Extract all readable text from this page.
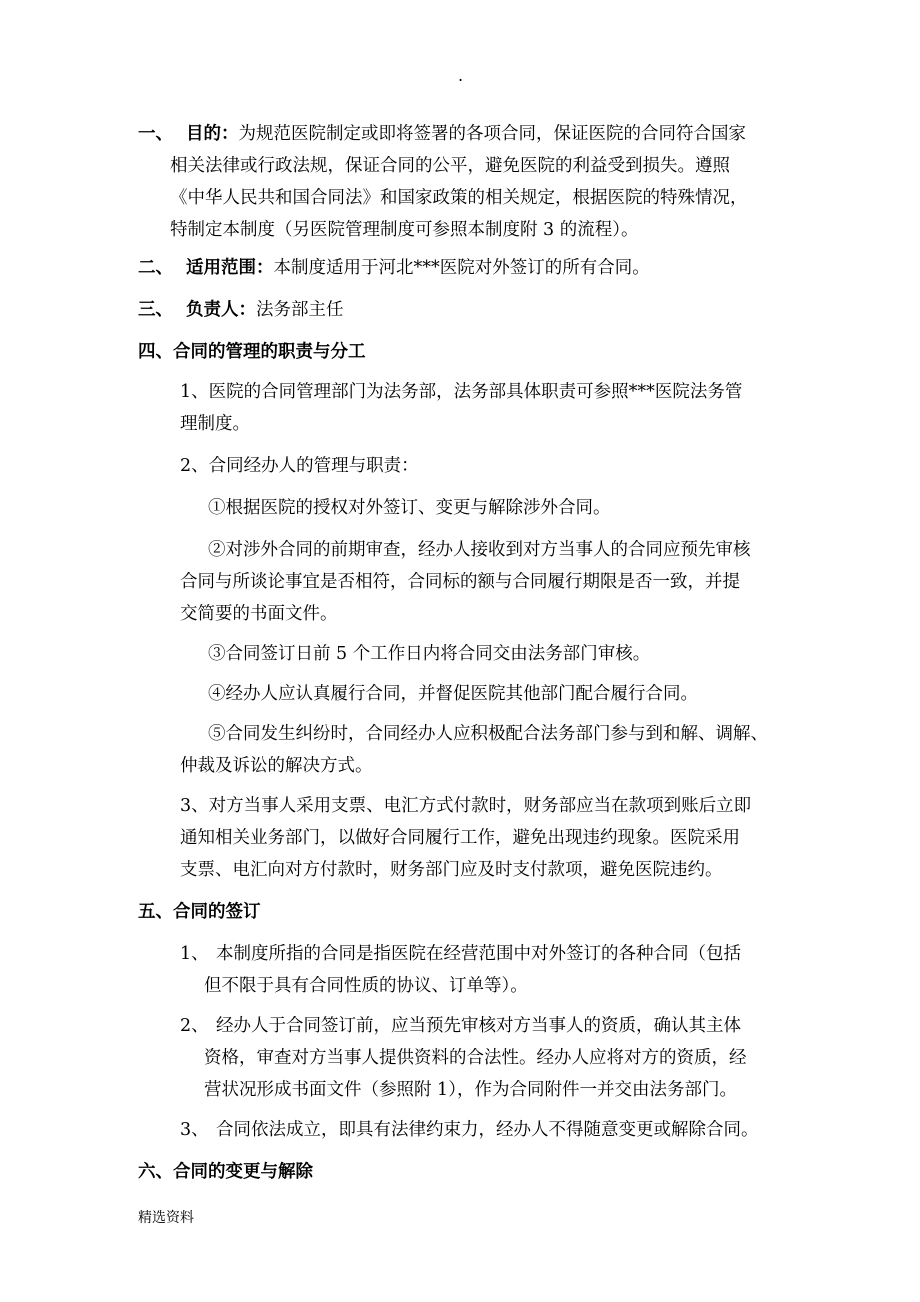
.
一、 目的：为规范医院制定或即将签署的各项合同，保证医院的合同符合国家
相关法律或行政法规，保证合同的公平，避免医院的利益受到损失。遵照
《中华人民共和国合同法》和国家政策的相关规定，根据医院的特殊情况，
特制定本制度（另医院管理制度可参照本制度附 3 的流程）。
二、 适用范围：本制度适用于河北***医院对外签订的所有合同。
三、 负责人：法务部主任
四、合同的管理的职责与分工
1、医院的合同管理部门为法务部，法务部具体职责可参照***医院法务管
理制度。
2、合同经办人的管理与职责：
①根据医院的授权对外签订、变更与解除涉外合同。
②对涉外合同的前期审查，经办人接收到对方当事人的合同应预先审核
合同与所谈论事宜是否相符，合同标的额与合同履行期限是否一致，并提
交简要的书面文件。
③合同签订日前 5 个工作日内将合同交由法务部门审核。
④经办人应认真履行合同，并督促医院其他部门配合履行合同。
⑤合同发生纠纷时，合同经办人应积极配合法务部门参与到和解、调解、
仲裁及诉讼的解决方式。
3、对方当事人采用支票、电汇方式付款时，财务部应当在款项到账后立即
通知相关业务部门，以做好合同履行工作，避免出现违约现象。医院采用
支票、电汇向对方付款时，财务部门应及时支付款项，避免医院违约。
五、合同的签订
1、 本制度所指的合同是指医院在经营范围中对外签订的各种合同（包括
但不限于具有合同性质的协议、订单等）。
2、 经办人于合同签订前，应当预先审核对方当事人的资质，确认其主体
资格，审查对方当事人提供资料的合法性。经办人应将对方的资质，经
营状况形成书面文件（参照附 1），作为合同附件一并交由法务部门。
3、 合同依法成立，即具有法律约束力，经办人不得随意变更或解除合同。
六、合同的变更与解除
精选资料
